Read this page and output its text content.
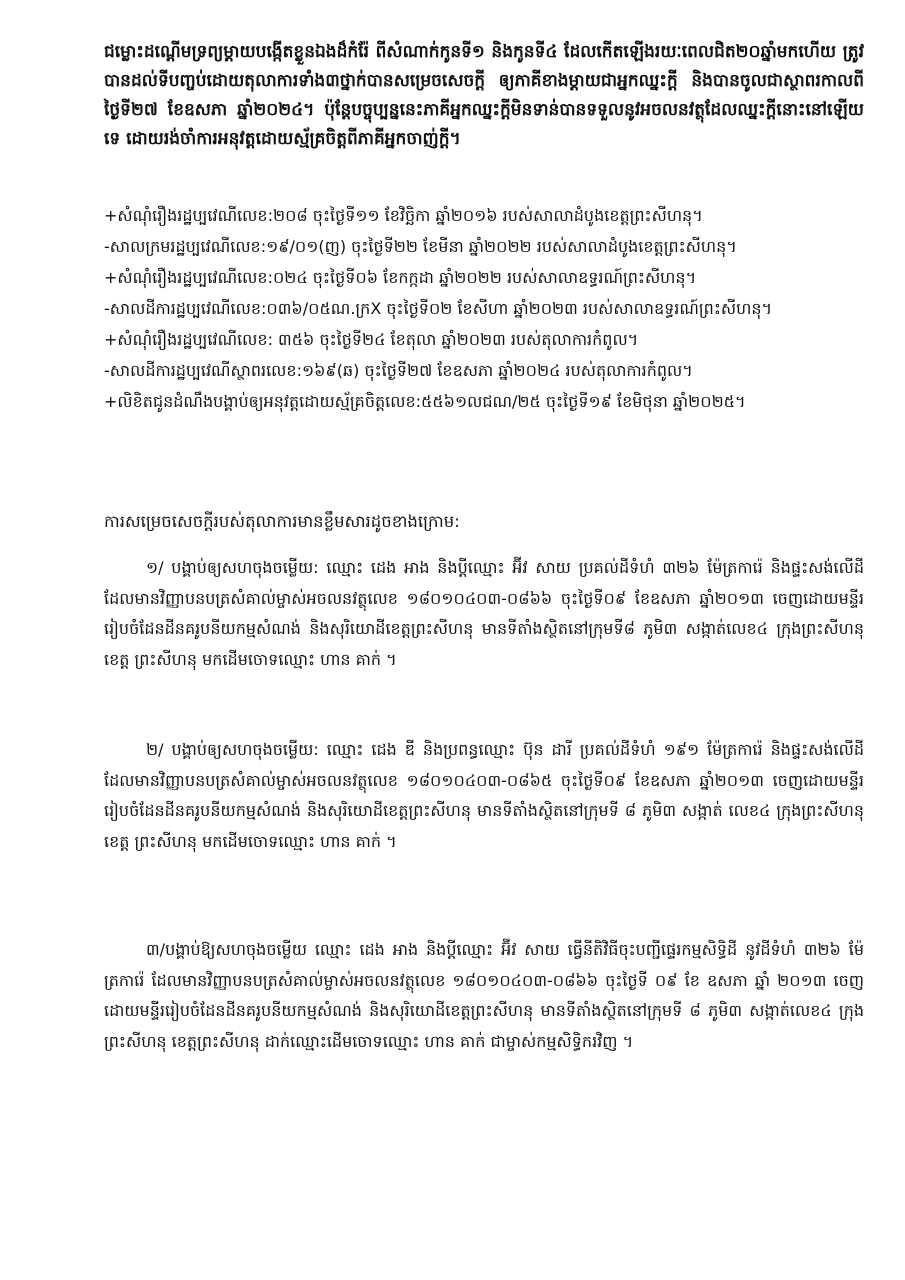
ជម្លោះដណ្ដើមទ្រព្យម្ដាយបង្កើតខ្លួនឯងដ៏កំរ៉ែ ពីសំណាក់កូនទី១ និងកូនទី៤ ដែលកើតឡើងរយៈពេលជិត២០ឆ្នាំមកហើយ ត្រូវបានដល់ទីបញ្ចប់ដោយតុលាការទាំង៣ថ្នាក់បានសម្រេចសេចក្ដី ឲ្យភាគីខាងម្ដាយជាអ្នកឈ្នះក្ដី និងបានចូលជាស្ថាពរកាលពីថ្ងៃទី២៧ ខែឧសភា ឆ្នាំ២០២៤។ ប៉ុន្តែបច្ចុប្បន្ននេះភាគីអ្នកឈ្នះក្ដីមិនទាន់បានទទួលនូវអចលនវត្ថុដែលឈ្នះក្ដីនោះនៅឡើយទេ ដោយរង់ចាំការអនុវត្តដោយស្ម័គ្រចិត្តពីភាគីអ្នកចាញ់ក្ដី។

+សំណុំរឿងរដ្ឋប្បវេណីលេខ:២០៨ ចុះថ្ងៃទី១១ ខែវិច្ឆិកា ឆ្នាំ២០១៦ របស់សាលាដំបូងខេត្តព្រះសីហនុ។
-សាលក្រមរដ្ឋប្បវេណីលេខ:១៩/០១(ញ) ចុះថ្ងៃទី២២ ខែមីនា ឆ្នាំ២០២២ របស់សាលាដំបូងខេត្តព្រះសីហនុ។
+សំណុំរឿងរដ្ឋប្បវេណីលេខ:០២៤ ចុះថ្ងៃទី០៦ ខែកក្កដា ឆ្នាំ២០២២ របស់សាលាឧទ្ធរណ៍ព្រះសីហនុ។
-សាលដីការដ្ឋប្បវេណីលេខ:០៣៦/០៥ណ.ក្រX ចុះថ្ងៃទី០២ ខែសីហា ឆ្នាំ២០២៣ របស់សាលាឧទ្ធរណ៍ព្រះសីហនុ។
+សំណុំរឿងរដ្ឋប្បវេណីលេខ: ៣៥៦ ចុះថ្ងៃទី២៤ ខែតុលា ឆ្នាំ២០២៣ របស់តុលាការកំពូល។
-សាលដីការដ្ឋប្បវេណីស្ថាពរលេខ:១៦៩(ឆ) ចុះថ្ងៃទី២៧ ខែឧសភា ឆ្នាំ២០២៤ របស់តុលាការកំពូល។
+លិខិតជូនដំណឹងបង្គាប់ឲ្យអនុវត្តដោយស្ម័គ្រចិត្តលេខ:៥៥៦១លជណ/២៥ ចុះថ្ងៃទី១៩ ខែមិថុនា ឆ្នាំ២០២៥។

ការសម្រេចសេចក្ដីរបស់តុលាការមានខ្លឹមសារដូចខាងក្រោម:

១/ បង្គាប់ឲ្យសហចុងចម្លើយ: ឈ្មោះ ដេង អាង និងប្ដីឈ្មោះ អ៊ីវ សាយ ប្រគល់ដីទំហំ ៣២៦ ម៉ែត្រការ៉េ និងផ្ទះសង់លើដី ដែលមានវិញ្ញាបនបត្រសំគាល់ម្ចាស់អចលនវត្ថុលេខ ១៨០១០៤០៣-០៨៦៦ ចុះថ្ងៃទី០៩ ខែឧសភា ឆ្នាំ២០១៣ ចេញដោយមន្ទីររៀបចំដែនដីនគរូបនីយកម្មសំណង់ និងសុរិយោដីខេត្តព្រះសីហនុ មានទីតាំងស្ថិតនៅក្រុមទី៨ ភូមិ៣ សង្កាត់លេខ៤ ក្រុងព្រះសីហនុ ខេត្ត ព្រះសីហនុ មកដើមចោទឈ្មោះ ហាន គាក់ ។

២/ បង្គាប់ឲ្យសហចុងចម្លើយ: ឈ្មោះ ដេង ឌី និងប្រពន្ធឈ្មោះ ប៊ុន ដារី ប្រគល់ដីទំហំ ១៩១ ម៉ែត្រការ៉េ និងផ្ទះសង់លើដី ដែលមានវិញ្ញាបនបត្រសំគាល់ម្ចាស់អចលនវត្ថុលេខ ១៨០១០៤០៣-០៨៦៥ ចុះថ្ងៃទី០៩ ខែឧសភា ឆ្នាំ២០១៣ ចេញដោយមន្ទីររៀបចំដែនដីនគរូបនីយកម្មសំណង់ និងសុរិយោដីខេត្តព្រះសីហនុ មានទីតាំងស្ថិតនៅក្រុមទី ៨ ភូមិ៣ សង្កាត់ លេខ៤ ក្រុងព្រះសីហនុ ខេត្ត ព្រះសីហនុ មកដើមចោទឈ្មោះ ហាន គាក់ ។

៣/បង្គាប់ឱ្យសហចុងចម្លើយ ឈ្មោះ ដេង អាង និងប្ដីឈ្មោះ អ៊ីវ សាយ ធ្វើនីតិវិធីចុះបញ្ជីផ្ទេរកម្មសិទ្ធិដី នូវដីទំហំ ៣២៦ ម៉ែត្រការ៉េ ដែលមានវិញ្ញាបនបត្រសំគាល់ម្ចាស់អចលនវត្ថុលេខ ១៨០១០៤០៣-០៨៦៦ ចុះថ្ងៃទី ០៩ ខែ ឧសភា ឆ្នាំ ២០១៣ ចេញដោយមន្ទីររៀបចំដែនដីនគរូបនីយកម្មសំណង់ និងសុរិយោដីខេត្តព្រះសីហនុ មានទីតាំងស្ថិតនៅក្រុមទី ៨ ភូមិ៣ សង្កាត់លេខ៤ ក្រុងព្រះសីហនុ ខេត្តព្រះសីហនុ ដាក់ឈ្មោះដើមចោទឈ្មោះ ហាន គាក់ ជាម្ចាស់កម្មសិទ្ធិករវិញ ។
